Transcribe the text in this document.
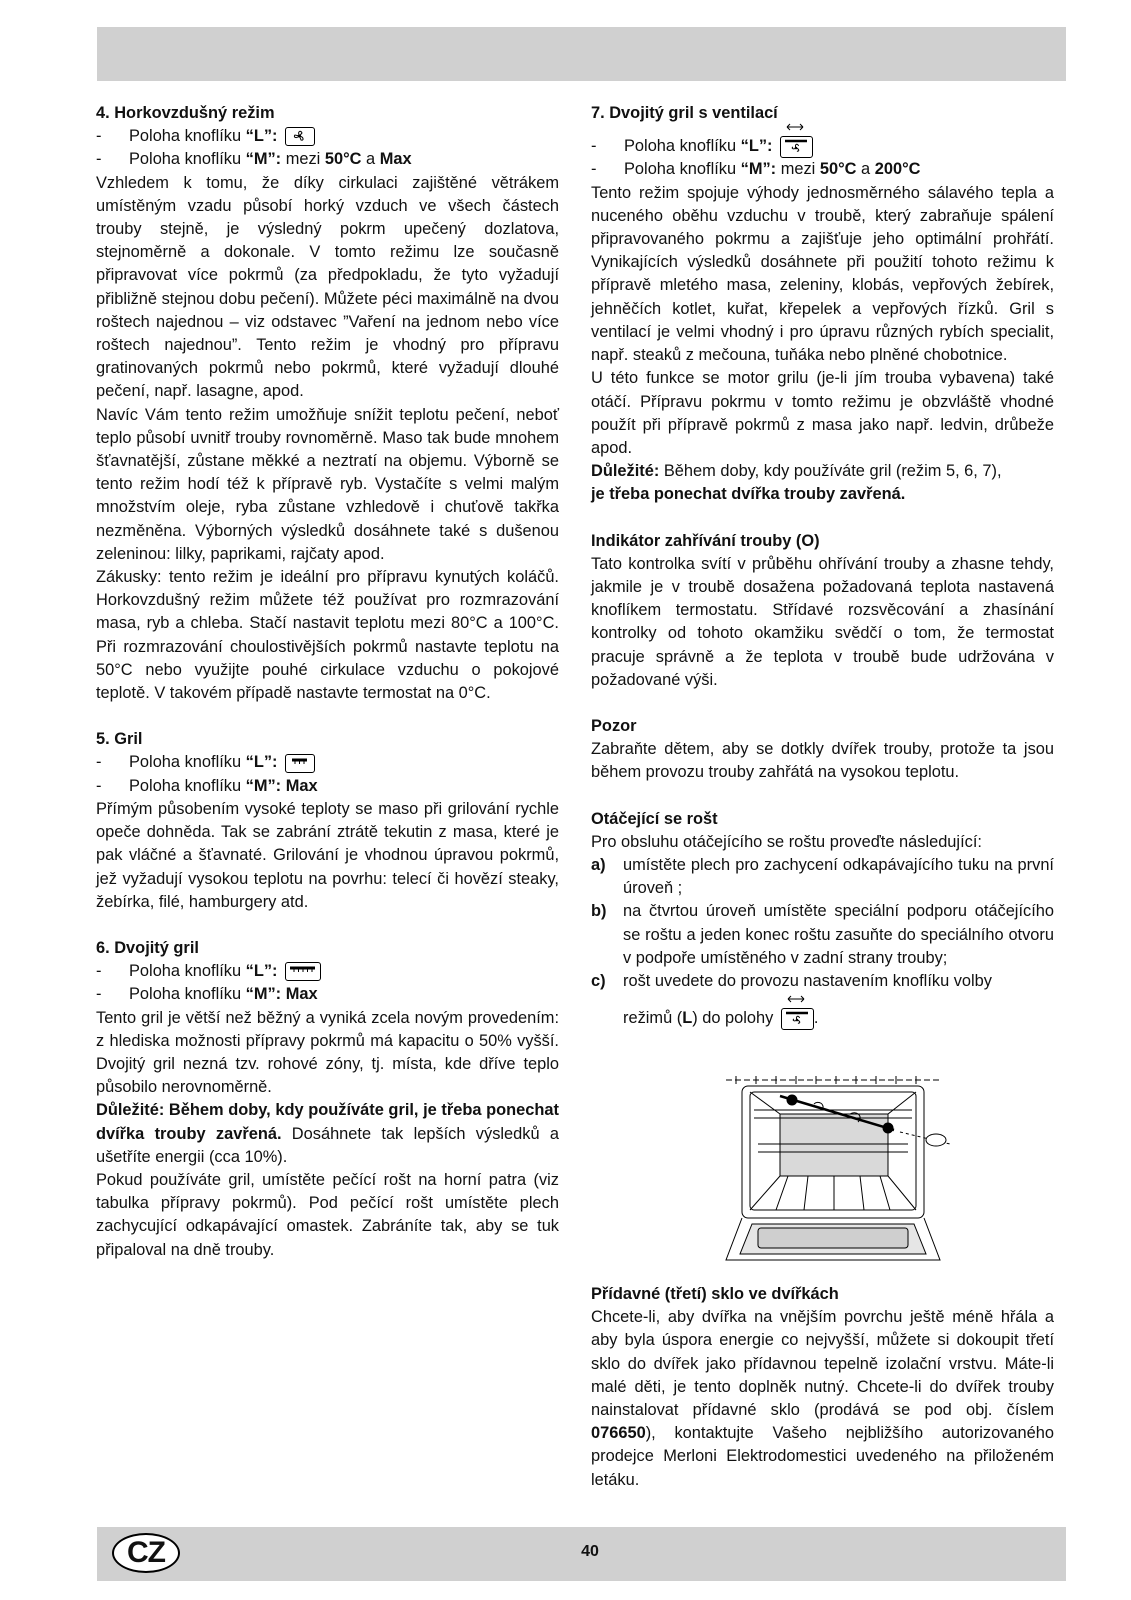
4. Horkovzdušný režim

-	Poloha knoflíku “L”:
-	Poloha knoflíku “M”: mezi 50°C a Max

Vzhledem k tomu, že díky cirkulaci zajištěné větrákem umístěným vzadu působí horký vzduch ve všech částech trouby stejně, je výsledný pokrm upečený dozlatova, stejnoměrně a dokonale. V tomto režimu lze současně připravovat více pokrmů (za předpokladu, že tyto vyžadují přibližně stejnou dobu pečení). Můžete péci maximálně na dvou roštech najednou – viz odstavec ”Vaření na jednom nebo více roštech najednou”. Tento režim je vhodný pro přípravu gratinovaných pokrmů nebo pokrmů, které vyžadují dlouhé pečení, např. lasagne, apod.

Navíc Vám tento režim umožňuje snížit teplotu pečení, neboť teplo působí uvnitř trouby rovnoměrně. Maso tak bude mnohem šťavnatější, zůstane měkké a neztratí na objemu. Výborně se tento režim hodí též k přípravě ryb. Vystačíte s velmi malým množstvím oleje, ryba zůstane vzhledově i chuťově takřka nezměněna. Výborných výsledků dosáhnete také s dušenou zeleninou: lilky, paprikami, rajčaty apod.

Zákusky: tento režim je ideální pro přípravu kynutých koláčů. Horkovzdušný režim můžete též používat pro rozmrazování masa, ryb a chleba. Stačí nastavit teplotu mezi 80°C a 100°C. Při rozmrazování choulostivějších pokrmů nastavte teplotu na 50°C nebo využijte pouhé cirkulace vzduchu o pokojové teplotě. V takovém případě nastavte termostat na 0°C.

5. Gril

-	Poloha knoflíku “L”:
-	Poloha knoflíku “M”: Max

Přímým působením vysoké teploty se maso při grilování rychle opeče dohněda. Tak se zabrání ztrátě tekutin z masa, které je pak vláčné a šťavnaté. Grilování je vhodnou úpravou pokrmů, jež vyžadují vysokou teplotu na povrhu: telecí či hovězí steaky, žebírka, filé, hamburgery atd.

6. Dvojitý gril

-	Poloha knoflíku “L”:
-	Poloha knoflíku “M”: Max

Tento gril je větší než běžný a vyniká zcela novým provedením: z hlediska možnosti přípravy pokrmů má kapacitu o 50% vyšší. Dvojitý gril nezná tzv. rohové zóny, tj. místa, kde dříve teplo působilo nerovnoměrně.

Důležité: Během doby, kdy používáte gril, je třeba ponechat dvířka trouby zavřená. Dosáhnete tak lepších výsledků a ušetříte energii (cca 10%).

Pokud používáte gril, umístěte pečící rošt na horní patra (viz tabulka přípravy pokrmů). Pod pečící rošt umístěte plech zachycující odkapávající omastek. Zabráníte tak, aby se tuk připaloval na dně trouby.

7. Dvojitý gril s ventilací

-	Poloha knoflíku “L”:
-	Poloha knoflíku “M”: mezi 50°C a 200°C

Tento režim spojuje výhody jednosměrného sálavého tepla a nuceného oběhu vzduchu v troubě, který zabraňuje spálení připravovaného pokrmu a zajišťuje jeho optimální prohřátí. Vynikajících výsledků dosáhnete při použití tohoto režimu k přípravě mletého masa, zeleniny, klobás, vepřových žebírek, jehněčích kotlet, kuřat, křepelek a vepřových řízků. Gril s ventilací je velmi vhodný i pro úpravu různých rybích specialit, např. steaků z mečouna, tuňáka nebo plněné chobotnice.

U této funkce se motor grilu (je-li jím trouba vybavena) také otáčí. Přípravu pokrmu v tomto režimu je obzvláště vhodné použít při přípravě pokrmů z masa jako např. ledvin, drůbeže apod.

Důležité: Během doby, kdy používáte gril (režim 5, 6, 7),
je třeba ponechat dvířka trouby zavřená.

Indikátor zahřívání trouby (O)

Tato kontrolka svítí v průběhu ohřívání trouby a zhasne tehdy, jakmile je v troubě dosažena požadovaná teplota nastavená knoflíkem termostatu. Střídavé rozsvěcování a zhasínání kontrolky od tohoto okamžiku svědčí o tom, že termostat pracuje správně a že teplota v troubě bude udržována v požadované výši.

Pozor

Zabraňte dětem, aby se dotkly dvířek trouby, protože ta jsou během provozu trouby zahřátá na vysokou teplotu.

Otáčející se rošt

Pro obsluhu otáčejícího se roštu proveďte následující:

a)	umístěte plech pro zachycení odkapávajícího tuku na první úroveň ;
b)	na čtvrtou úroveň umístěte speciální podporu otáčejícího se roštu a jeden konec roštu zasuňte do speciálního otvoru v podpoře umístěného v zadní strany trouby;
c)	rošt uvedete do provozu nastavením knoflíku volby
režimů (L) do polohy .

Přídavné (třetí) sklo ve dvířkách

Chcete-li, aby dvířka na vnějším povrchu ještě méně hřála a aby byla úspora energie co nejvyšší, můžete si dokoupit třetí sklo do dvířek jako přídavnou tepelně izolační vrstvu. Máte-li malé děti, je tento doplněk nutný. Chcete-li do dvířek trouby nainstalovat přídavné sklo (prodává se pod obj. číslem 076650), kontaktujte Vašeho nejbližšího autorizovaného prodejce Merloni Elektrodomestici uvedeného na přiloženém letáku.

CZ	40
